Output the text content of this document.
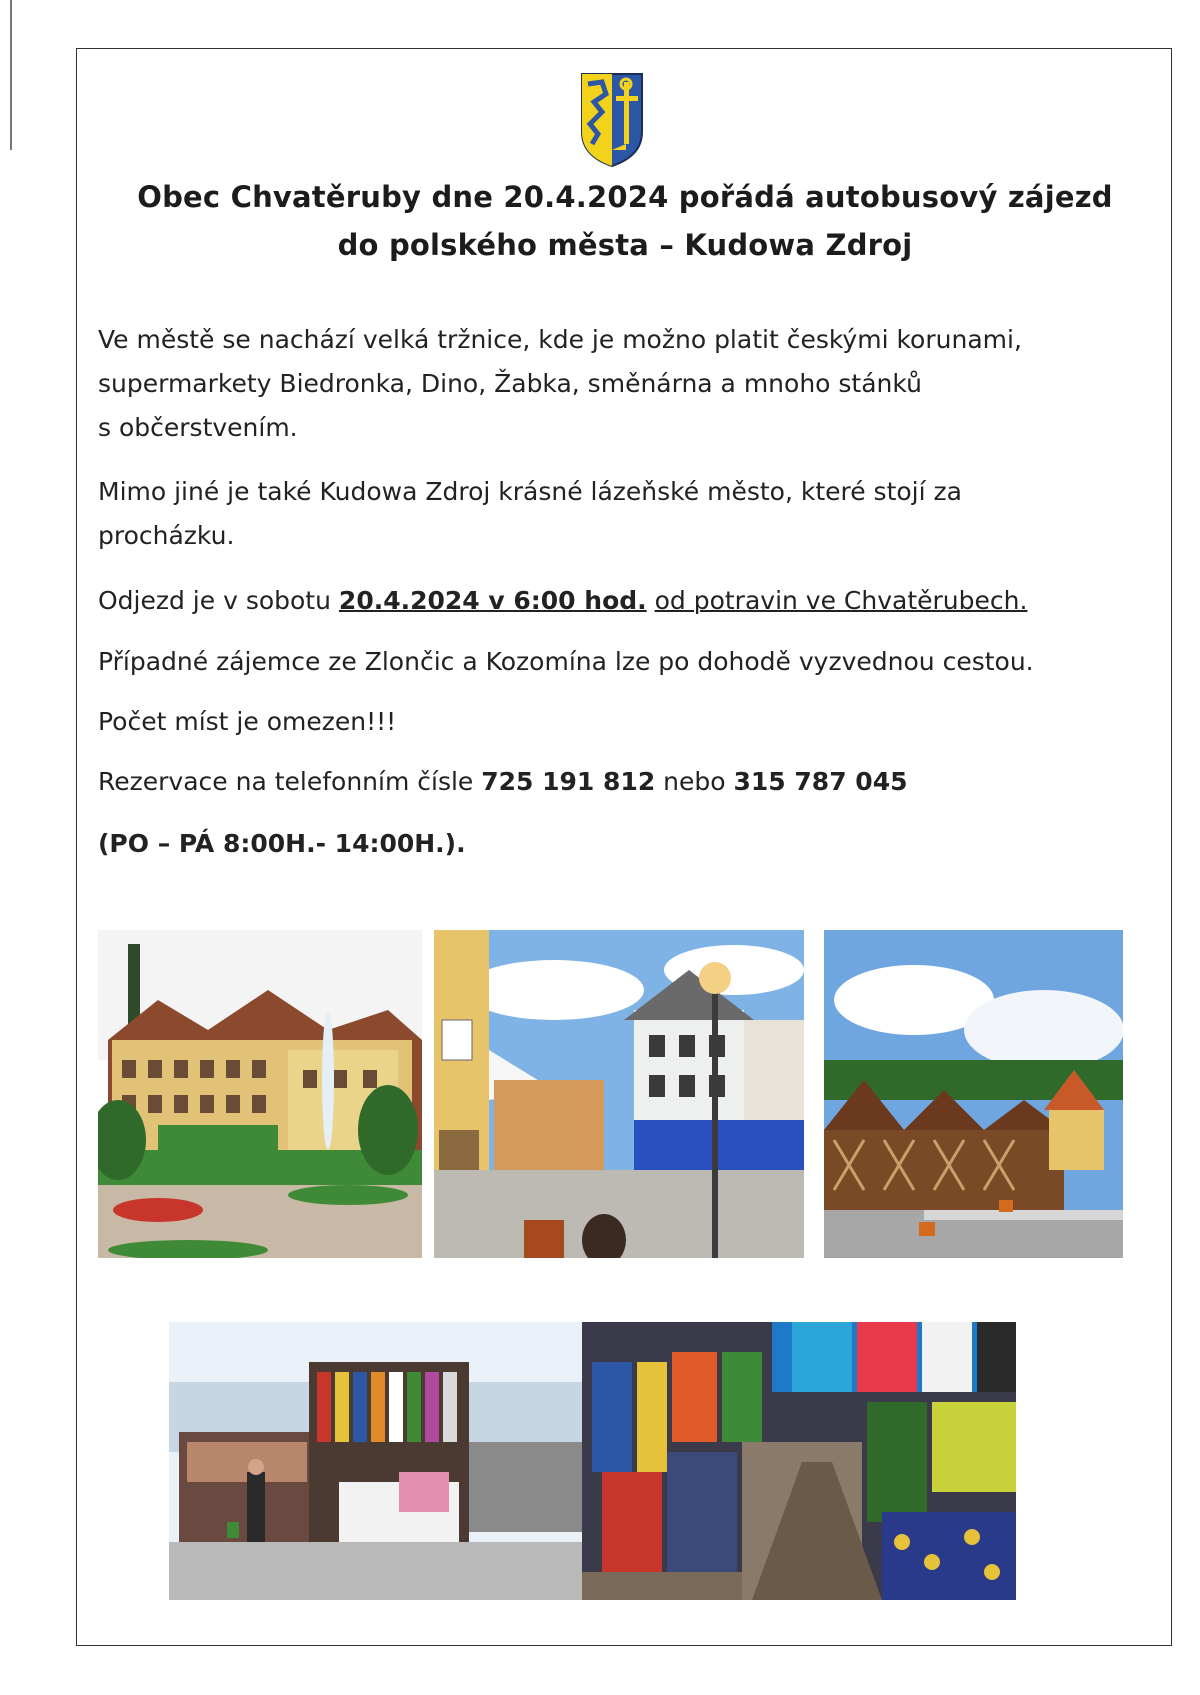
Obec Chvatěruby dne 20.4.2024 pořádá autobusový zájezd
do polského města – Kudowa Zdroj
Ve městě se nachází velká tržnice, kde je možno platit českými korunami,
supermarkety Biedronka, Dino, Žabka, směnárna a mnoho stánků
s občerstvením.
Mimo jiné je také Kudowa Zdroj krásné lázeňské město, které stojí za
procházku.
Odjezd je v sobotu 20.4.2024 v 6:00 hod. od potravin ve Chvatěrubech.
Případné zájemce ze Zlončic a Kozomína lze po dohodě vyzvednou cestou.
Počet míst je omezen!!!
Rezervace na telefonním čísle 725 191 812 nebo 315 787 045
(PO – PÁ 8:00H.- 14:00H.).
